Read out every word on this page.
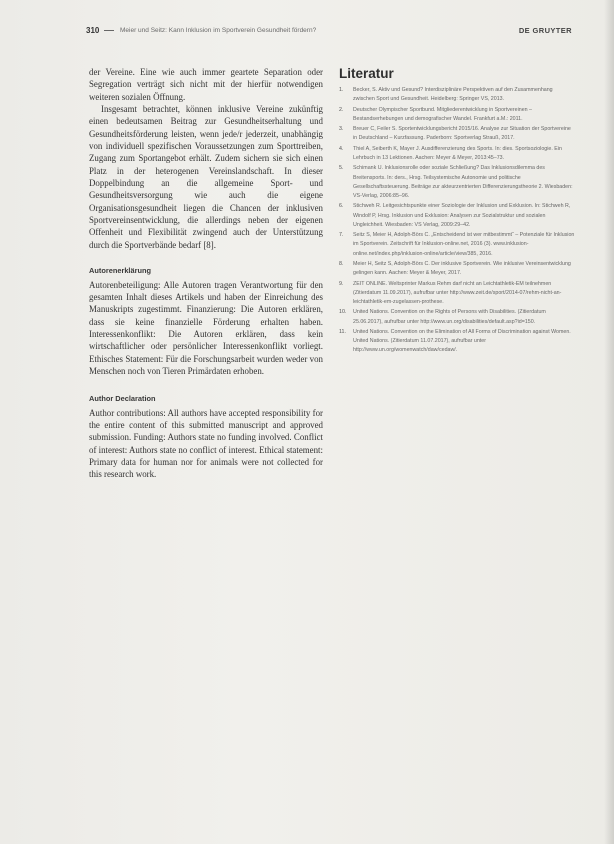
310	Meier und Seitz: Kann Inklusion im Sportverein Gesundheit fördern?	DE GRUYTER

der Vereine. Eine wie auch immer geartete Separation oder Segregation verträgt sich nicht mit der hierfür notwendigen weiteren sozialen Öffnung.

Insgesamt betrachtet, können inklusive Vereine zukünftig einen bedeutsamen Beitrag zur Gesundheitserhaltung und Gesundheitsförderung leisten, wenn jede/r jederzeit, unabhängig von individuell spezifischen Voraussetzungen zum Sporttreiben, Zugang zum Sportangebot erhält. Zudem sichern sie sich einen Platz in der heterogenen Vereinslandschaft. In dieser Doppelbindung an die allgemeine Sport- und Gesundheitsversorgung wie auch die eigene Organisationsgesundheit liegen die Chancen der inklusiven Sportvereinsentwicklung, die allerdings neben der eigenen Offenheit und Flexibilität zwingend auch der Unterstützung durch die Sportverbände bedarf [8].

Autorenerklärung

Autorenbeteiligung: Alle Autoren tragen Verantwortung für den gesamten Inhalt dieses Artikels und haben der Einreichung des Manuskripts zugestimmt. Finanzierung: Die Autoren erklären, dass sie keine finanzielle Förderung erhalten haben. Interessenkonflikt: Die Autoren erklären, dass kein wirtschaftlicher oder persönlicher Interessenkonflikt vorliegt. Ethisches Statement: Für die Forschungsarbeit wurden weder von Menschen noch von Tieren Primärdaten erhoben.

Author Declaration

Author contributions: All authors have accepted responsibility for the entire content of this submitted manuscript and approved submission. Funding: Authors state no funding involved. Conflict of interest: Authors state no conflict of interest. Ethical statement: Primary data for human nor for animals were not collected for this research work.

Literatur
1. Becker, S. Aktiv und Gesund? Interdisziplinäre Perspektiven auf den Zusammenhang zwischen Sport und Gesundheit. Heidelberg: Springer VS, 2013.
2. Deutscher Olympischer Sportbund. Mitgliederentwicklung in Sportvereinen – Bestandserhebungen und demografischer Wandel. Frankfurt a.M.: 2011.
3. Breuer C, Feiler S. Sportentwicklungsbericht 2015/16. Analyse zur Situation der Sportvereine in Deutschland – Kurzfassung. Paderborn: Sportverlag Strauß, 2017.
4. Thiel A, Seiberth K, Mayer J. Ausdifferenzierung des Sports. In: dies. Sportsoziologie. Ein Lehrbuch in 13 Lektionen. Aachen: Meyer & Meyer, 2013:45–73.
5. Schimank U. Inklusionsrolle oder soziale Schließung? Das Inklusionsdilemma des Breitensports. In: ders., Hrsg. Teilsystemische Autonomie und politische Gesellschaftssteuerung. Beiträge zur akteurzentrierten Differenzierungstheorie 2. Wiesbaden: VS-Verlag, 2006:85–96.
6. Stichweh R. Leitgesichtspunkte einer Soziologie der Inklusion und Exklusion. In: Stichweh R, Windolf P, Hrsg. Inklusion und Exklusion: Analysen zur Sozialstruktur und sozialen Ungleichheit. Wiesbaden: VS Verlag, 2009:29–42.
7. Seitz S, Meier H, Adolph-Börs C. „Entscheidend ist wer mitbestimmt“ – Potenziale für Inklusion im Sportverein. Zeitschrift für Inklusion-online.net, 2016 (3). www.inklusion-online.net/index.php/inklusion-online/article/view/385, 2016.
8. Meier H, Seitz S, Adolph-Börs C. Der inklusive Sportverein. Wie inklusive Vereinsentwicklung gelingen kann. Aachen: Meyer & Meyer, 2017.
9. ZEIT ONLINE. Weltsprinter Markus Rehm darf nicht an Leichtathletik-EM teilnehmen (Zitierdatum 11.09.2017), aufrufbar unter http://www.zeit.de/sport/2014-07/rehm-nicht-an-leichtathletik-em-zugelassen-prothese.
10. United Nations. Convention on the Rights of Persons with Disabilities. (Zitierdatum 25.06.2017), aufrufbar unter http://www.un.org/disabilities/default.asp?id=150.
11. United Nations. Convention on the Elimination of All Forms of Discrimination against Women. United Nations. (Zitierdatum 11.07.2017), aufrufbar unter http://www.un.org/womenwatch/daw/cedaw/.
